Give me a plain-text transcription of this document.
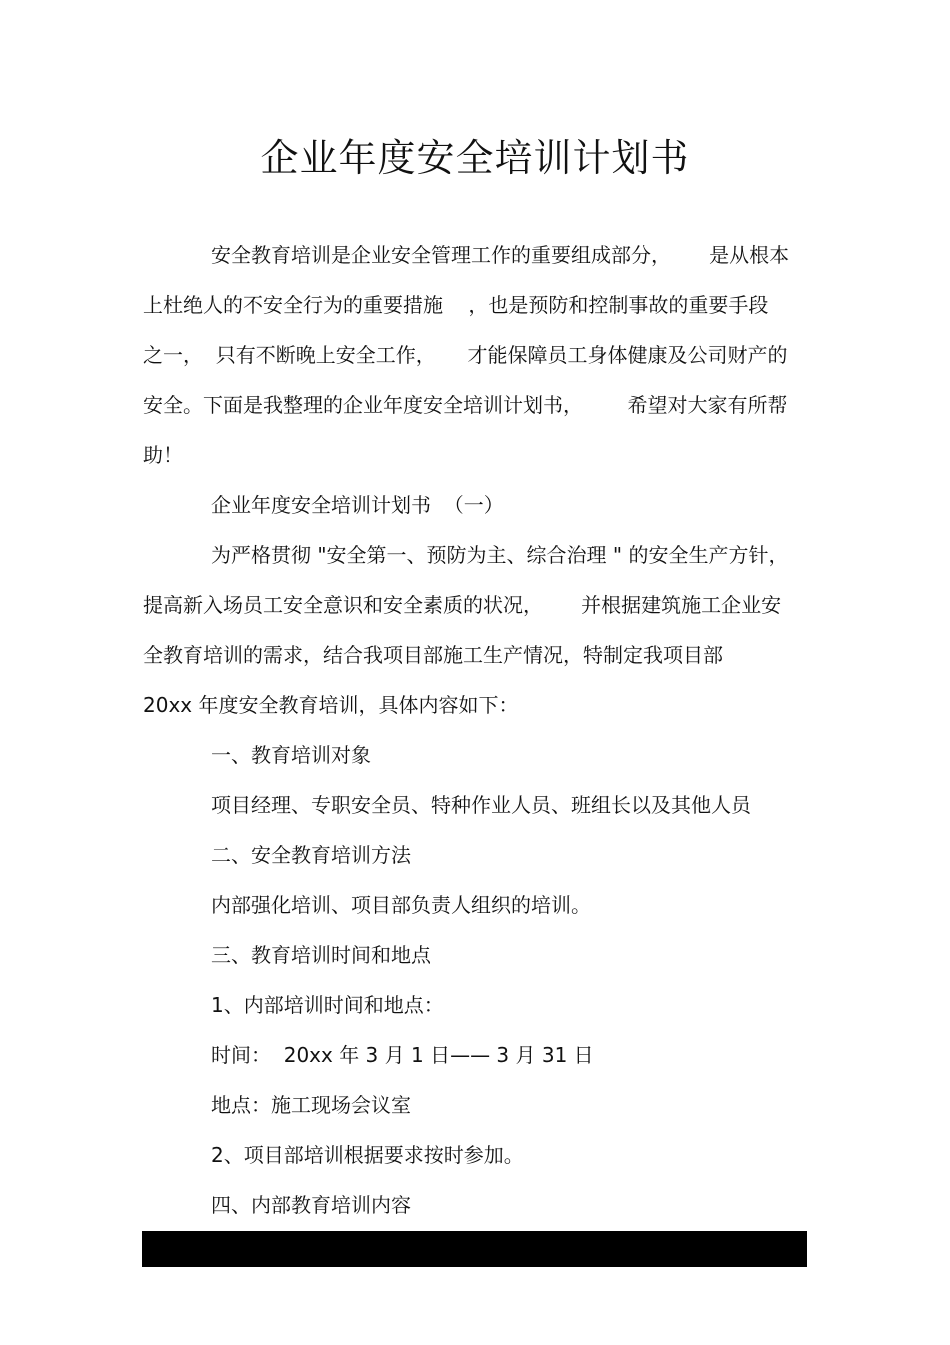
企业年度安全培训计划书

安全教育培训是企业安全管理工作的重要组成部分，      是从根本

上杜绝人的不安全行为的重要措施    ，也是预防和控制事故的重要手段

之一，  只有不断晚上安全工作，     才能保障员工身体健康及公司财产的

安全。下面是我整理的企业年度安全培训计划书，       希望对大家有所帮

助！

企业年度安全培训计划书  （一）

为严格贯彻 "安全第一、预防为主、综合治理 " 的安全生产方针，

提高新入场员工安全意识和安全素质的状况，      并根据建筑施工企业安

全教育培训的需求，结合我项目部施工生产情况，特制定我项目部

20xx 年度安全教育培训，具体内容如下：

一、教育培训对象

项目经理、专职安全员、特种作业人员、班组长以及其他人员

二、安全教育培训方法

内部强化培训、项目部负责人组织的培训。

三、教育培训时间和地点

1、内部培训时间和地点：

时间：  20xx 年 3 月 1 日—— 3 月 31 日

地点：施工现场会议室

2、项目部培训根据要求按时参加。

四、内部教育培训内容
